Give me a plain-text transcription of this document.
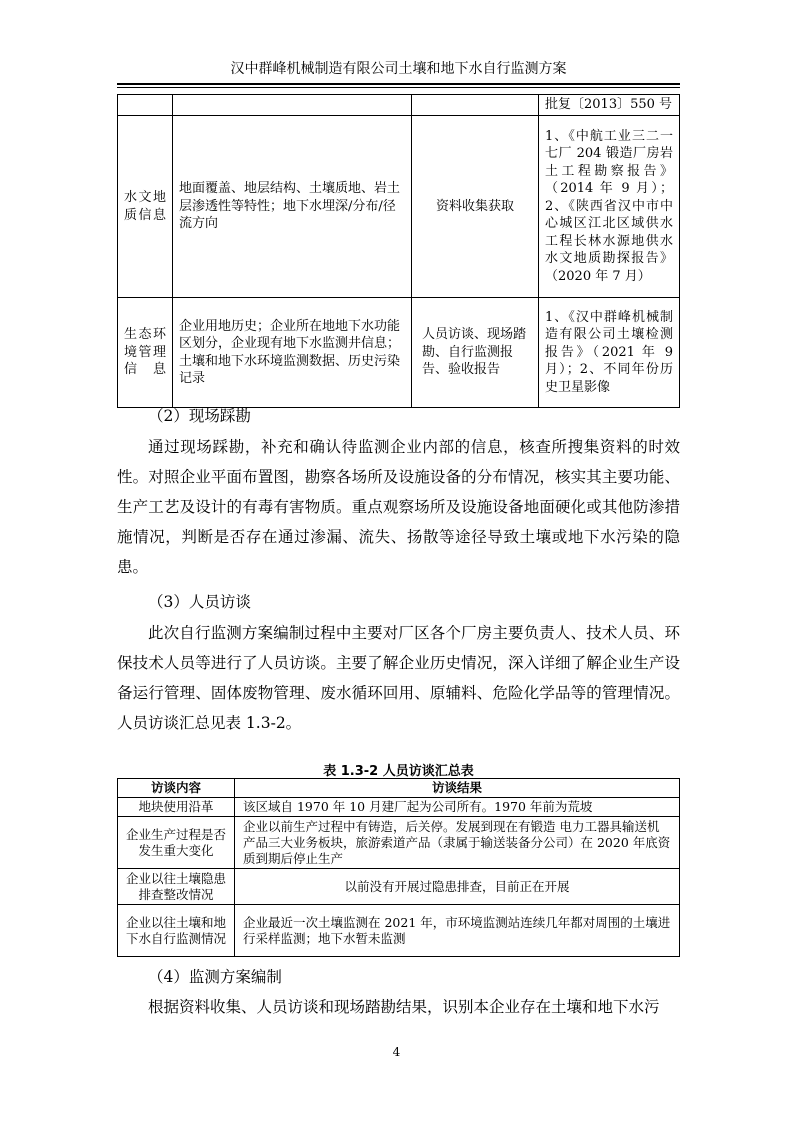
汉中群峰机械制造有限公司土壤和地下水自行监测方案
			批复〔2013〕550 号
水文地质信息	地面覆盖、地层结构、土壤质地、岩土层渗透性等特性；地下水埋深/分布/径流方向	资料收集获取	1、《中航工业三二一七厂 204 锻造厂房岩土工程勘察报告》（2014 年 9 月）；2、《陕西省汉中市中心城区江北区域供水工程长林水源地供水水文地质勘探报告》（2020 年 7 月）
生态环境管理信息	企业用地历史；企业所在地地下水功能区划分，企业现有地下水监测井信息；土壤和地下水环境监测数据、历史污染记录	人员访谈、现场踏勘、自行监测报告、验收报告	1、《汉中群峰机械制造有限公司土壤检测报告》（2021 年 9 月）；2、不同年份历史卫星影像
（2）现场踩勘
通过现场踩勘，补充和确认待监测企业内部的信息，核查所搜集资料的时效性。对照企业平面布置图，勘察各场所及设施设备的分布情况，核实其主要功能、生产工艺及设计的有毒有害物质。重点观察场所及设施设备地面硬化或其他防渗措施情况，判断是否存在通过渗漏、流失、扬散等途径导致土壤或地下水污染的隐患。
（3）人员访谈
此次自行监测方案编制过程中主要对厂区各个厂房主要负责人、技术人员、环保技术人员等进行了人员访谈。主要了解企业历史情况，深入详细了解企业生产设备运行管理、固体废物管理、废水循环回用、原辅料、危险化学品等的管理情况。人员访谈汇总见表 1.3-2。
表 1.3-2 人员访谈汇总表
访谈内容	访谈结果
地块使用沿革	该区域自 1970 年 10 月建厂起为公司所有。1970 年前为荒坡
企业生产过程是否发生重大变化	企业以前生产过程中有铸造，后关停。发展到现在有锻造 电力工器具输送机产品三大业务板块，旅游索道产品（隶属于输送装备分公司）在 2020 年底资质到期后停止生产
企业以往土壤隐患排查整改情况	以前没有开展过隐患排查，目前正在开展
企业以往土壤和地下水自行监测情况	企业最近一次土壤监测在 2021 年，市环境监测站连续几年都对周围的土壤进行采样监测；地下水暂未监测
（4）监测方案编制
根据资料收集、人员访谈和现场踏勘结果，识别本企业存在土壤和地下水污
4
